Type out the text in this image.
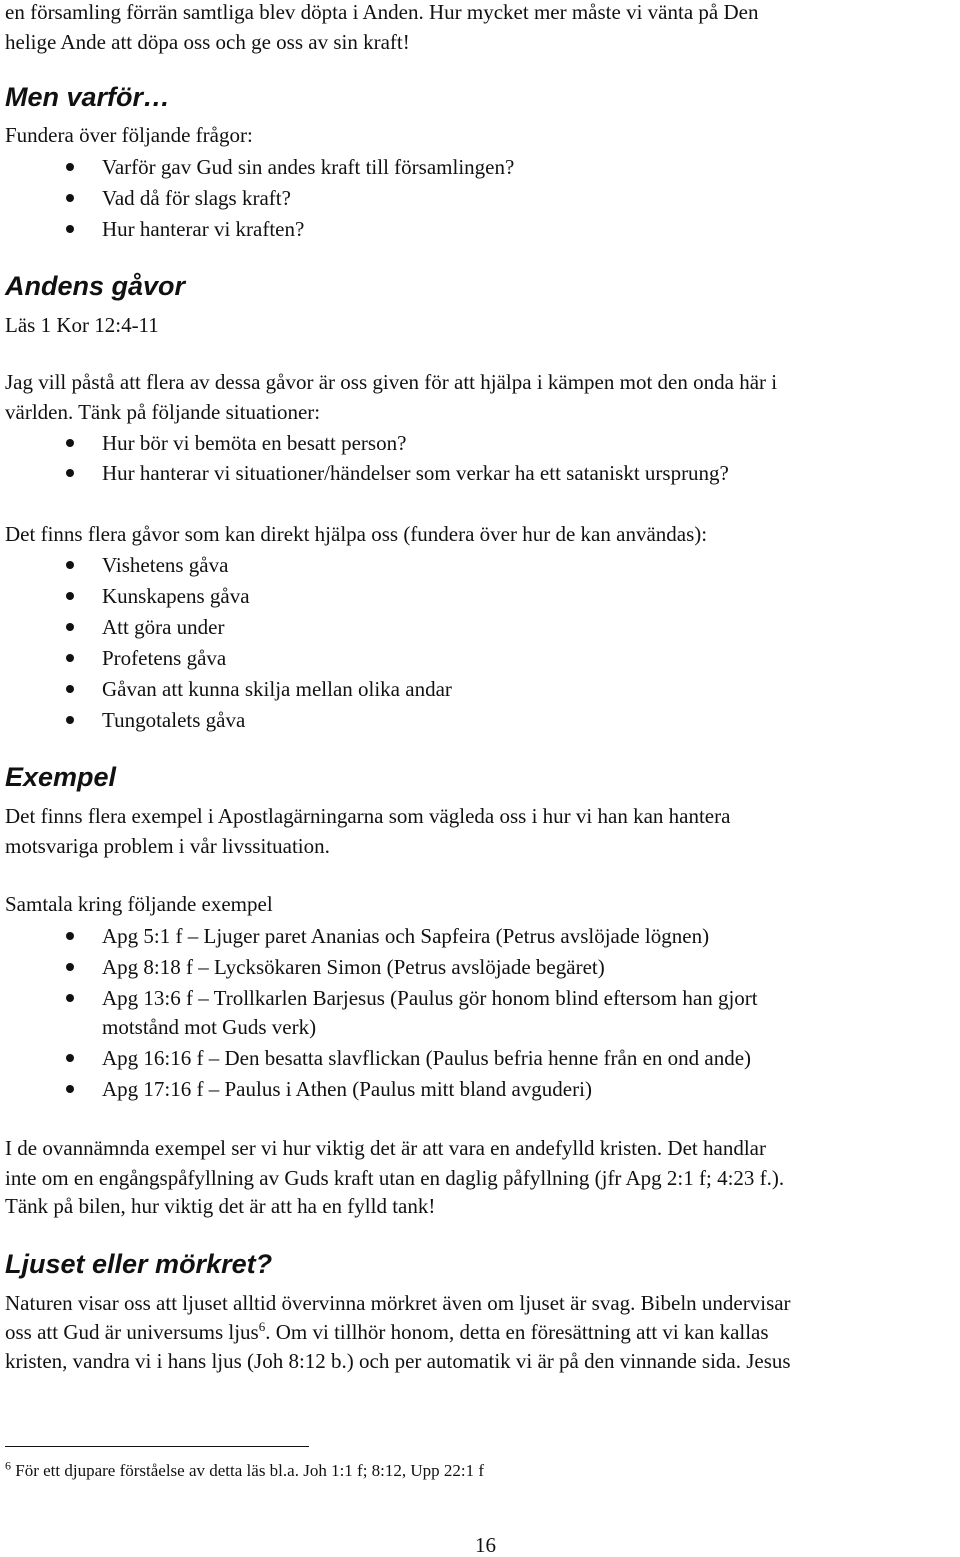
en församling förrän samtliga blev döpta i Anden. Hur mycket mer måste vi vänta på Den
helige Ande att döpa oss och ge oss av sin kraft!
Men varför…
Fundera över följande frågor:
Varför gav Gud sin andes kraft till församlingen?
Vad då för slags kraft?
Hur hanterar vi kraften?
Andens gåvor
Läs 1 Kor 12:4-11
Jag vill påstå att flera av dessa gåvor är oss given för att hjälpa i kämpen mot den onda här i
världen. Tänk på följande situationer:
Hur bör vi bemöta en besatt person?
Hur hanterar vi situationer/händelser som verkar ha ett sataniskt ursprung?
Det finns flera gåvor som kan direkt hjälpa oss (fundera över hur de kan användas):
Vishetens gåva
Kunskapens gåva
Att göra under
Profetens gåva
Gåvan att kunna skilja mellan olika andar
Tungotalets gåva
Exempel
Det finns flera exempel i Apostlagärningarna som vägleda oss i hur vi han kan hantera
motsvariga problem i vår livssituation.
Samtala kring följande exempel
Apg 5:1 f – Ljuger paret Ananias och Sapfeira (Petrus avslöjade lögnen)
Apg 8:18 f – Lycksökaren Simon (Petrus avslöjade begäret)
Apg 13:6 f – Trollkarlen Barjesus (Paulus gör honom blind eftersom han gjort
motstånd mot Guds verk)
Apg 16:16 f – Den besatta slavflickan (Paulus befria henne från en ond ande)
Apg 17:16 f – Paulus i Athen (Paulus mitt bland avguderi)
I de ovannämnda exempel ser vi hur viktig det är att vara en andefylld kristen. Det handlar
inte om en engångspåfyllning av Guds kraft utan en daglig påfyllning (jfr Apg 2:1 f; 4:23 f.).
Tänk på bilen, hur viktig det är att ha en fylld tank!
Ljuset eller mörkret?
Naturen visar oss att ljuset alltid övervinna mörkret även om ljuset är svag. Bibeln undervisar
oss att Gud är universums ljus$^6$. Om vi tillhör honom, detta en föresättning att vi kan kallas
kristen, vandra vi i hans ljus (Joh 8:12 b.) och per automatik vi är på den vinnande sida. Jesus
$^6$ För ett djupare förståelse av detta läs bl.a. Joh 1:1 f; 8:12, Upp 22:1 f
16
